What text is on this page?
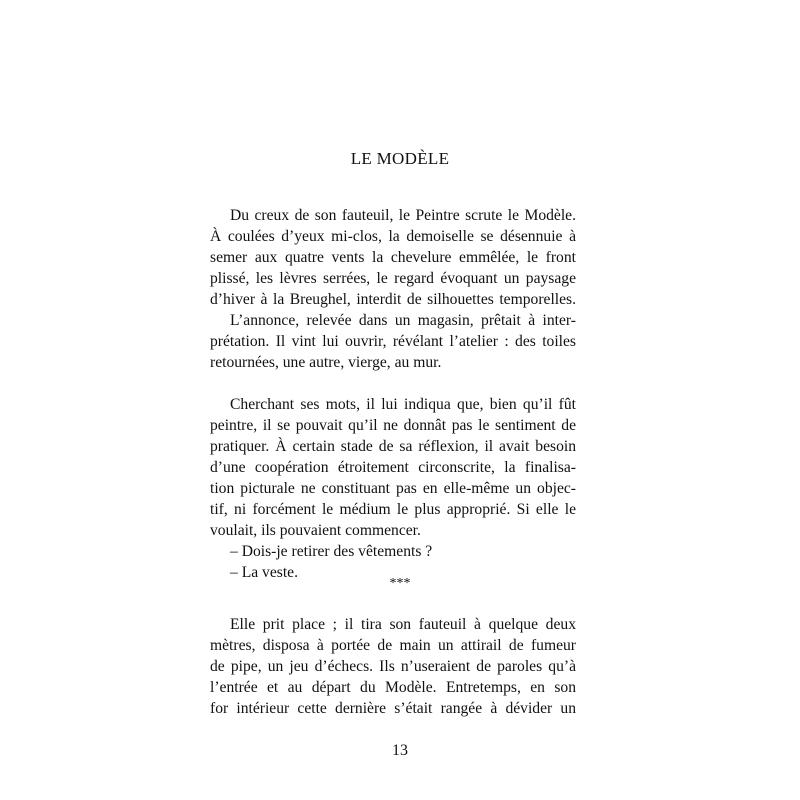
LE MODÈLE
Du creux de son fauteuil, le Peintre scrute le Modèle.
À coulées d’yeux mi-clos, la demoiselle se désennuie à
semer aux quatre vents la chevelure emmêlée, le front
plissé, les lèvres serrées, le regard évoquant un paysage
d’hiver à la Breughel, interdit de silhouettes temporelles.
L’annonce, relevée dans un magasin, prêtait à inter-
prétation. Il vint lui ouvrir, révélant l’atelier : des toiles
retournées, une autre, vierge, au mur.
Cherchant ses mots, il lui indiqua que, bien qu’il fût
peintre, il se pouvait qu’il ne donnât pas le sentiment de
pratiquer. À certain stade de sa réflexion, il avait besoin
d’une coopération étroitement circonscrite, la finalisa-
tion picturale ne constituant pas en elle-même un objec-
tif, ni forcément le médium le plus approprié. Si elle le
voulait, ils pouvaient commencer.
– Dois-je retirer des vêtements ?
– La veste.
***
Elle prit place ; il tira son fauteuil à quelque deux
mètres, disposa à portée de main un attirail de fumeur
de pipe, un jeu d’échecs. Ils n’useraient de paroles qu’à
l’entrée et au départ du Modèle. Entretemps, en son
for intérieur cette dernière s’était rangée à dévider un
13
